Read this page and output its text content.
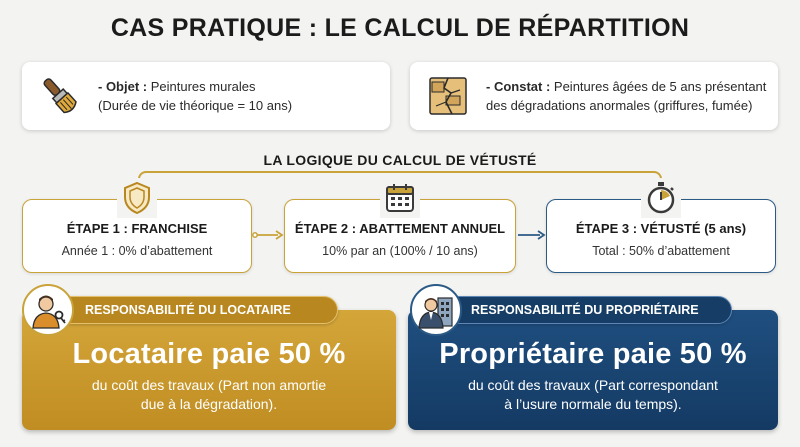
CAS PRATIQUE : LE CALCUL DE RÉPARTITION
- Objet : Peintures murales
(Durée de vie théorique = 10 ans)
- Constat : Peintures âgées de 5 ans présentant
des dégradations anormales (griffures, fumée)
LA LOGIQUE DU CALCUL DE VÉTUSTÉ
ÉTAPE 1 : FRANCHISE
Année 1 : 0% d’abattement
ÉTAPE 2 : ABATTEMENT ANNUEL
10% par an (100% / 10 ans)
ÉTAPE 3 : VÉTUSTÉ (5 ans)
Total : 50% d’abattement
Locataire paie 50 %
du coût des travaux (Part non amortie
due à la dégradation).
RESPONSABILITÉ DU LOCATAIRE
Propriétaire paie 50 %
du coût des travaux (Part correspondant
à l’usure normale du temps).
RESPONSABILITÉ DU PROPRIÉTAIRE
